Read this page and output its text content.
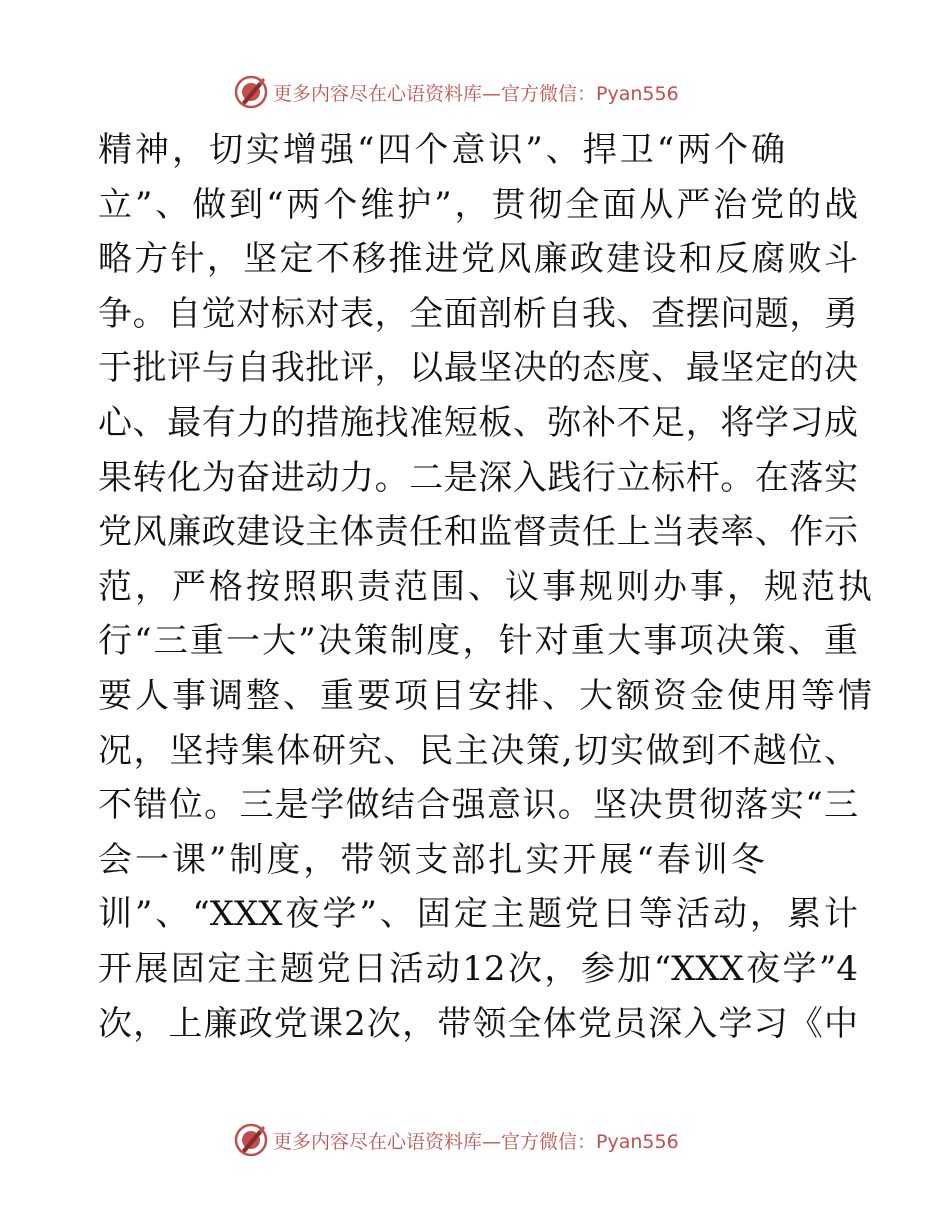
更多内容尽在心语资料库—官方微信：Pyan556
精神，切实增强“四个意识”、捍卫“两个确
立”、做到“两个维护”，贯彻全面从严治党的战
略方针，坚定不移推进党风廉政建设和反腐败斗
争。自觉对标对表，全面剖析自我、查摆问题，勇
于批评与自我批评，以最坚决的态度、最坚定的决
心、最有力的措施找准短板、弥补不足，将学习成
果转化为奋进动力。二是深入践行立标杆。在落实
党风廉政建设主体责任和监督责任上当表率、作示
范，严格按照职责范围、议事规则办事，规范执
行“三重一大”决策制度，针对重大事项决策、重
要人事调整、重要项目安排、大额资金使用等情
况，坚持集体研究、民主决策,切实做到不越位、
不错位。三是学做结合强意识。坚决贯彻落实“三
会一课”制度，带领支部扎实开展“春训冬
训”、“XXX夜学”、固定主题党日等活动，累计
开展固定主题党日活动12次，参加“XXX夜学”4
次，上廉政党课2次，带领全体党员深入学习《中
更多内容尽在心语资料库—官方微信：Pyan556
